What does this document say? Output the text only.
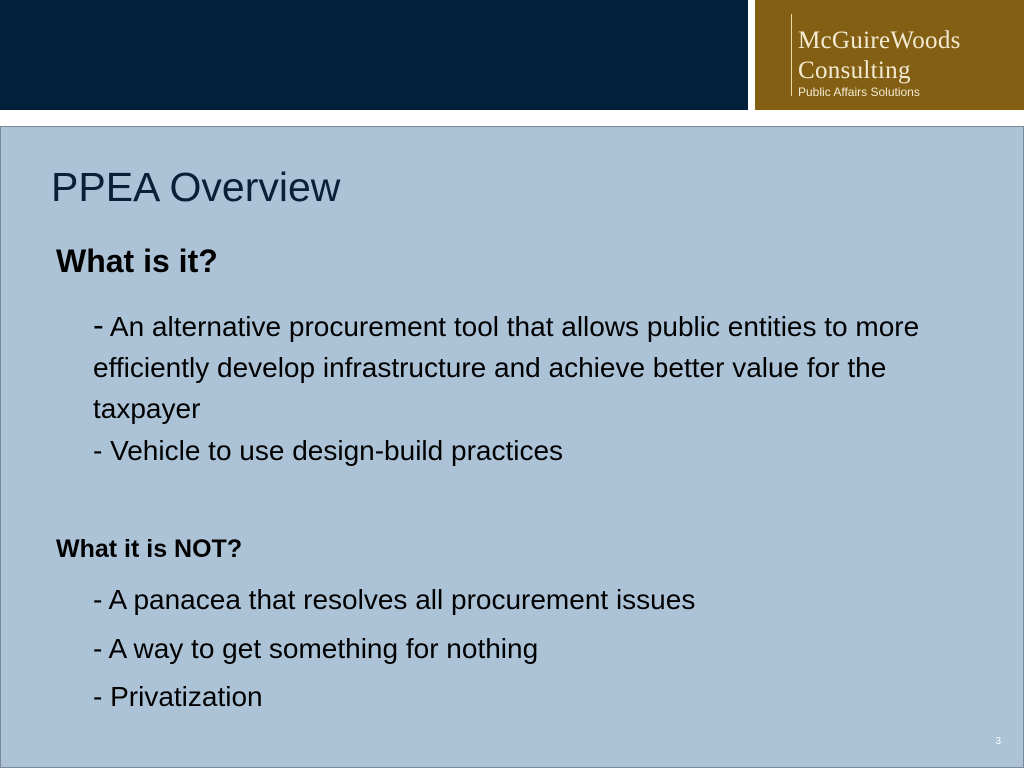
McGuireWoods
Consulting
Public Affairs Solutions
PPEA Overview
What is it?
- An alternative procurement tool that allows public entities to more efficiently develop infrastructure and achieve better value for the taxpayer
- Vehicle to use design-build practices
What it is NOT?
- A panacea that resolves all procurement issues
- A way to get something for nothing
- Privatization
3
